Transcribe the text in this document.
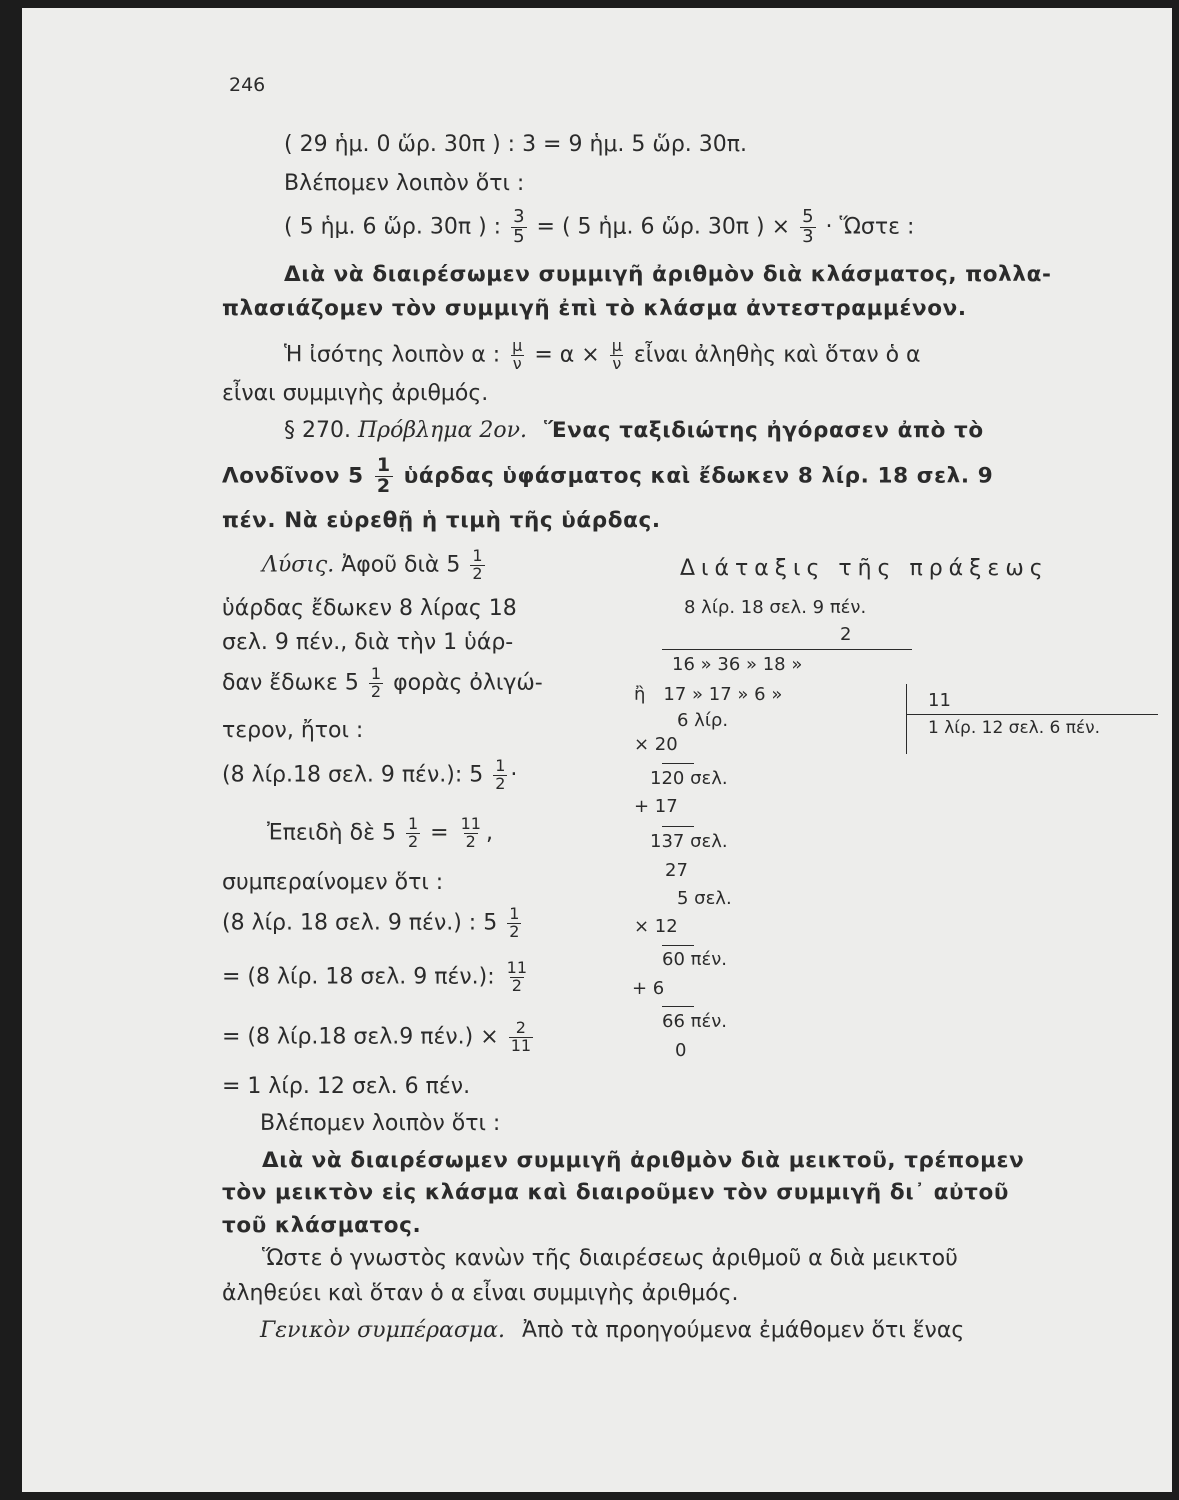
246
( 29 ἡμ. 0 ὥρ. 30π ) : 3 = 9 ἡμ. 5 ὥρ. 30π.
Βλέπομεν λοιπὸν ὅτι :
( 5 ἡμ. 6 ὥρ. 30π ) : $\frac{3}{5}$ = ( 5 ἡμ. 6 ὥρ. 30π ) × $\frac{5}{3}$ · Ὥστε :
Διὰ νὰ διαιρέσωμεν συμμιγῆ ἀριθμὸν διὰ κλάσματος, πολλα-
πλασιάζομεν τὸν συμμιγῆ ἐπὶ τὸ κλάσμα ἀντεστραμμένον.
Ἡ ἰσότης λοιπὸν α : $\frac{\mu}{\nu} = \alpha \times \frac{\mu}{\nu}$ εἶναι ἀληθὴς καὶ ὅταν ὁ α
εἶναι συμμιγὴς ἀριθμός.
§ 270. Πρόβλημα 2ον. Ἕνας ταξιδιώτης ἠγόρασεν ἀπὸ τὸ
Λονδῖνον $5 \frac{1}{2}$ ὑάρδας ὑφάσματος καὶ ἔδωκεν 8 λίρ. 18 σελ. 9
πέν. Νὰ εὑρεθῇ ἡ τιμὴ τῆς ὑάρδας.
Λύσις. Ἀφοῦ διὰ $5 \frac{1}{2}$
ὑάρδας ἔδωκεν 8 λίρας 18
σελ. 9 πέν., διὰ τὴν 1 ὑάρ-
δαν ἔδωκε $5 \frac{1}{2}$ φορὰς ὀλιγώ-
τερον, ἤτοι :
(8 λίρ.18 σελ. 9 πέν.): $5 \frac{1}{2}$ ·
Ἐπειδὴ δὲ $5 \frac{1}{2} = \frac{11}{2}$ ,
συμπεραίνομεν ὅτι :
(8 λίρ. 18 σελ. 9 πέν.) : $5 \frac{1}{2}$
= (8 λίρ. 18 σελ. 9 πέν.): $\frac{11}{2}$
= (8 λίρ.18 σελ.9 $\pi έ\nu.) \times \frac{2}{11}$
= 1 λίρ. 12 σελ. 6 πέν.
Διάταξις τῆς πράξεως
8 λίρ. 18 σελ. 9 πέν.
2
16 » 36 » 18 »
ἢ 17 » 17 » 6 »	11
1 λίρ. 12 σελ. 6 πέν.
6 λίρ.
× 20
120 σελ.
+ 17
137 σελ.
27
5 σελ.
× 12
60 πέν.
+ 6
66 πέν.
0
Βλέπομεν λοιπὸν ὅτι :
Διὰ νὰ διαιρέσωμεν συμμιγῆ ἀριθμὸν διὰ μεικτοῦ, τρέπομεν
τὸν μεικτὸν εἰς κλάσμα καὶ διαιροῦμεν τὸν συμμιγῆ δι᾿ αὐτοῦ
τοῦ κλάσματος.
Ὥστε ὁ γνωστὸς κανὼν τῆς διαιρέσεως ἀριθμοῦ α διὰ μεικτοῦ
ἀληθεύει καὶ ὅταν ὁ α εἶναι συμμιγὴς ἀριθμός.
Γενικὸν συμπέρασμα. Ἀπὸ τὰ προηγούμενα ἐμάθομεν ὅτι ἕνας
